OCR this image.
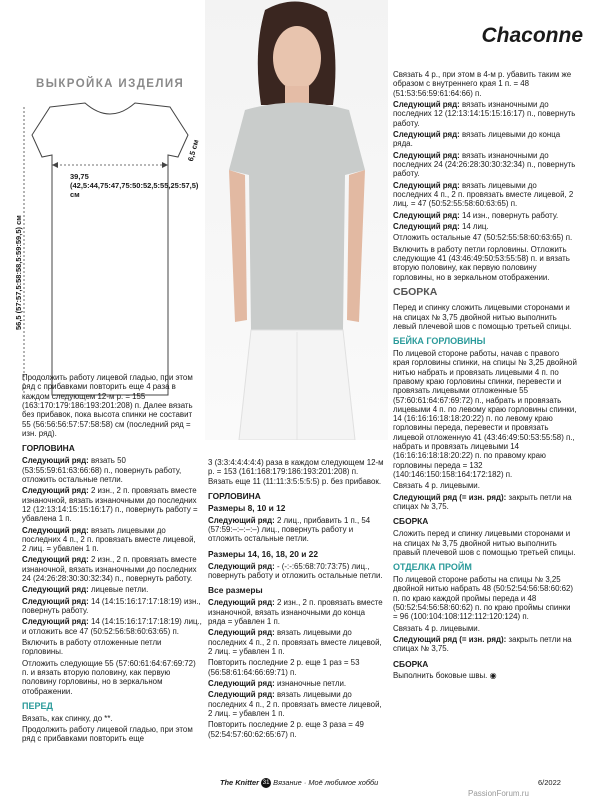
Chaconne
ВЫКРОЙКА ИЗДЕЛИЯ
39,75 (42,5:44,75:47,75:50:52,5:55,25:57,5) см
6,5 см
56,5 (57:57,5:58:58,5:59:59,5) см

Продолжить работу лицевой гладью, при этом ряд с прибавками повторить еще 4 раза в каждом следующем 12-м р. = 155 (163:170:179:186:193:201:208) п. Далее вязать без прибавок, пока высота спинки не составит 55 (56:56:56:57:57:58:58) см (последний ряд = изн. ряд).

ГОРЛОВИНА

Следующий ряд: вязать 50 (53:55:59:61:63:66:68) п., повернуть работу, отложить остальные петли.

Следующий ряд: 2 изн., 2 п. провязать вместе изнаночной, вязать изнаночными до последних 12 (12:13:14:15:15:16:17) п., повернуть работу = убавлена 1 п.

Следующий ряд: вязать лицевыми до последних 4 п., 2 п. провязать вместе лицевой, 2 лиц. = убавлен 1 п.

Следующий ряд: 2 изн., 2 п. провязать вместе изнаночной, вязать изнаночными до последних 24 (24:26:28:30:30:32:34) п., повернуть работу.

Следующий ряд: лицевые петли.

Следующий ряд: 14 (14:15:16:17:17:18:19) изн., повернуть работу.

Следующий ряд: 14 (14:15:16:17:17:18:19) лиц., и отложить все 47 (50:52:56:58:60:63:65) п.

Включить в работу отложенные петли горловины.

Отложить следующие 55 (57:60:61:64:67:69:72) п. и вязать вторую половину, как первую половину горловины, но в зеркальном отображении.

ПЕРЕД

Вязать, как спинку, до **.

Продолжить работу лицевой гладью, при этом ряд с прибавками повторить еще

3 (3:3:4:4:4:4:4) раза в каждом следующем 12-м р. = 153 (161:168:179:186:193:201:208) п. Вязать еще 11 (11:11:3:5:5:5:5) р. без прибавок.

ГОРЛОВИНА
Размеры 8, 10 и 12

Следующий ряд: 2 лиц., прибавить 1 п., 54 (57:59:–:–:–:–) лиц., повернуть работу и отложить остальные петли.

Размеры 14, 16, 18, 20 и 22

Следующий ряд: - (-:-:65:68:70:73:75) лиц., повернуть работу и отложить остальные петли.

Все размеры

Следующий ряд: 2 изн., 2 п. провязать вместе изнаночной, вязать изнаночными до конца ряда = убавлен 1 п.

Следующий ряд: вязать лицевыми до последних 4 п., 2 п. провязать вместе лицевой, 2 лиц. = убавлен 1 п.

Повторить последние 2 р. еще 1 раз = 53 (56:58:61:64:66:69:71) п.

Следующий ряд: изнаночные петли.

Следующий ряд: вязать лицевыми до последних 4 п., 2 п. провязать вместе лицевой, 2 лиц. = убавлен 1 п.

Повторить последние 2 р. еще 3 раза = 49 (52:54:57:60:62:65:67) п.

Связать 4 р., при этом в 4-м р. убавить таким же образом с внутреннего края 1 п. = 48 (51:53:56:59:61:64:66) п.

Следующий ряд: вязать изнаночными до последних 12 (12:13:14:15:15:16:17) п., повернуть работу.

Следующий ряд: вязать лицевыми до конца ряда.

Следующий ряд: вязать изнаночными до последних 24 (24:26:28:30:30:32:34) п., повернуть работу.

Следующий ряд: вязать лицевыми до последних 4 п., 2 п. провязать вместе лицевой, 2 лиц. = 47 (50:52:55:58:60:63:65) п.

Следующий ряд: 14 изн., повернуть работу.

Следующий ряд: 14 лиц.

Отложить остальные 47 (50:52:55:58:60:63:65) п.

Включить в работу петли горловины. Отложить следующие 41 (43:46:49:50:53:55:58) п. и вязать вторую половину, как первую половину горловины, но в зеркальном отображении.

СБОРКА

Перед и спинку сложить лицевыми сторонами и на спицах № 3,75 двойной нитью выполнить левый плечевой шов с помощью третьей спицы.

БЕЙКА ГОРЛОВИНЫ

По лицевой стороне работы, начав с правого края горловины спинки, на спицы № 3,25 двойной нитью набрать и провязать лицевыми 4 п. по правому краю горловины спинки, перевести и провязать лицевыми отложенные 55 (57:60:61:64:67:69:72) п., набрать и провязать лицевыми 4 п. по левому краю горловины спинки, 14 (16:16:16:18:18:20:22) п. по левому краю горловины переда, перевести и провязать лицевой отложенную 41 (43:46:49:50:53:55:58) п., набрать и провязать лицевыми 14 (16:16:16:18:18:20:22) п. по правому краю горловины переда = 132 (140:146:150:158:164:172:182) п.

Связать 4 р. лицевыми.

Следующий ряд (= изн. ряд): закрыть петли на спицах № 3,75.

СБОРКА

Сложить перед и спинку лицевыми сторонами и на спицах № 3,75 двойной нитью выполнить правый плечевой шов с помощью третьей спицы.

ОТДЕЛКА ПРОЙМ

По лицевой стороне работы на спицы № 3,25 двойной нитью набрать 48 (50:52:54:56:58:60:62) п. по краю каждой проймы переда и 48 (50:52:54:56:58:60:62) п. по краю проймы спинки = 96 (100:104:108:112:112:120:124) п.

Связать 4 р. лицевыми.

Следующий ряд (= изн. ряд): закрыть петли на спицах № 3,75.

СБОРКА

Выполнить боковые швы. ◉

The Knitter 31 Вязание · Моё любимое хобби	6/2022
PassionForum.ru
